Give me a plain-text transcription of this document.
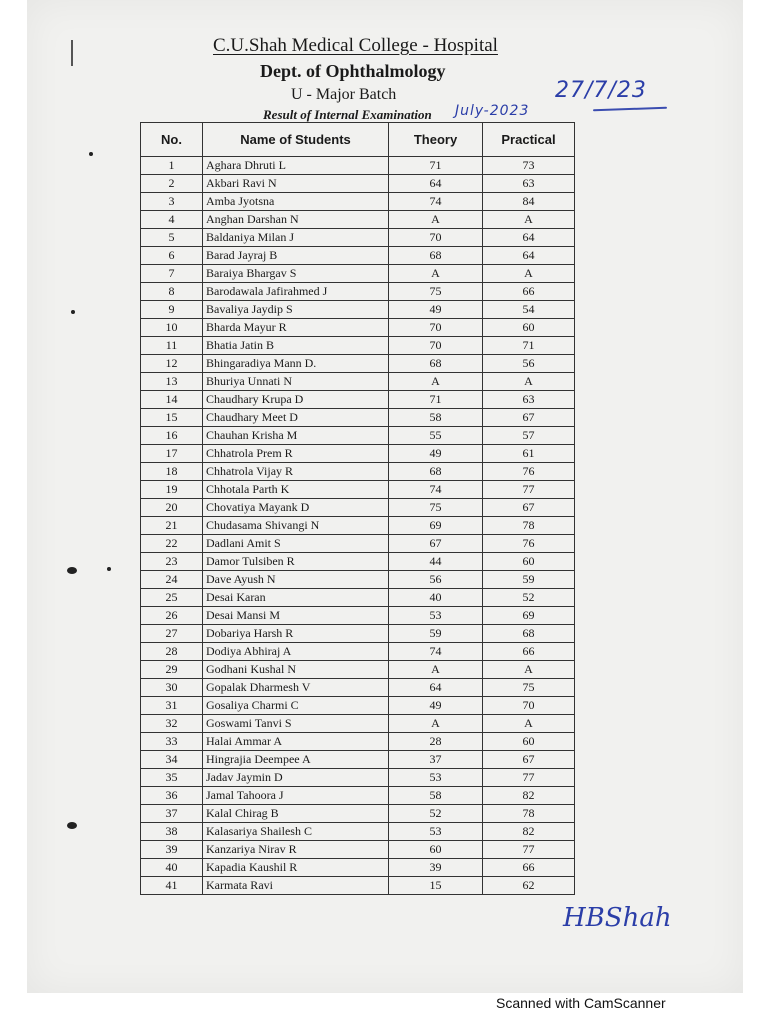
C.U.Shah Medical College - Hospital
Dept. of Ophthalmology
U - Major Batch
Result of Internal Examination	July-2023
27/7/23
No.	Name of Students	Theory	Practical
1	Aghara Dhruti L	71	73
2	Akbari Ravi N	64	63
3	Amba Jyotsna	74	84
4	Anghan Darshan N	A	A
5	Baldaniya Milan J	70	64
6	Barad Jayraj B	68	64
7	Baraiya Bhargav S	A	A
8	Barodawala Jafirahmed J	75	66
9	Bavaliya Jaydip S	49	54
10	Bharda Mayur R	70	60
11	Bhatia Jatin B	70	71
12	Bhingaradiya Mann D.	68	56
13	Bhuriya Unnati N	A	A
14	Chaudhary Krupa D	71	63
15	Chaudhary Meet D	58	67
16	Chauhan Krisha M	55	57
17	Chhatrola Prem R	49	61
18	Chhatrola Vijay R	68	76
19	Chhotala Parth K	74	77
20	Chovatiya Mayank D	75	67
21	Chudasama Shivangi N	69	78
22	Dadlani Amit S	67	76
23	Damor Tulsiben R	44	60
24	Dave Ayush N	56	59
25	Desai Karan	40	52
26	Desai Mansi M	53	69
27	Dobariya Harsh R	59	68
28	Dodiya Abhiraj A	74	66
29	Godhani Kushal N	A	A
30	Gopalak Dharmesh V	64	75
31	Gosaliya Charmi C	49	70
32	Goswami Tanvi S	A	A
33	Halai Ammar A	28	60
34	Hingrajia Deempee A	37	67
35	Jadav Jaymin D	53	77
36	Jamal Tahoora J	58	82
37	Kalal Chirag B	52	78
38	Kalasariya Shailesh C	53	82
39	Kanzariya Nirav R	60	77
40	Kapadia Kaushil R	39	66
41	Karmata Ravi	15	62
HBShah
Scanned with CamScanner
